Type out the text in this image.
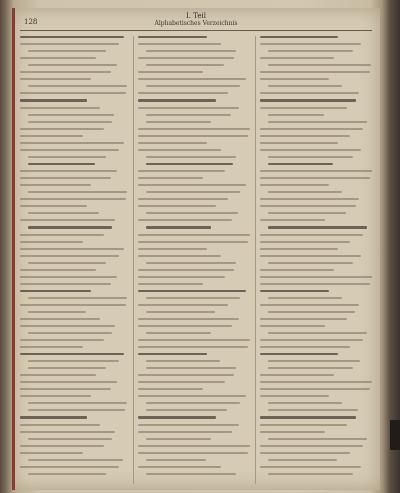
128
I. Teil
Alphabetisches Verzeichnis
